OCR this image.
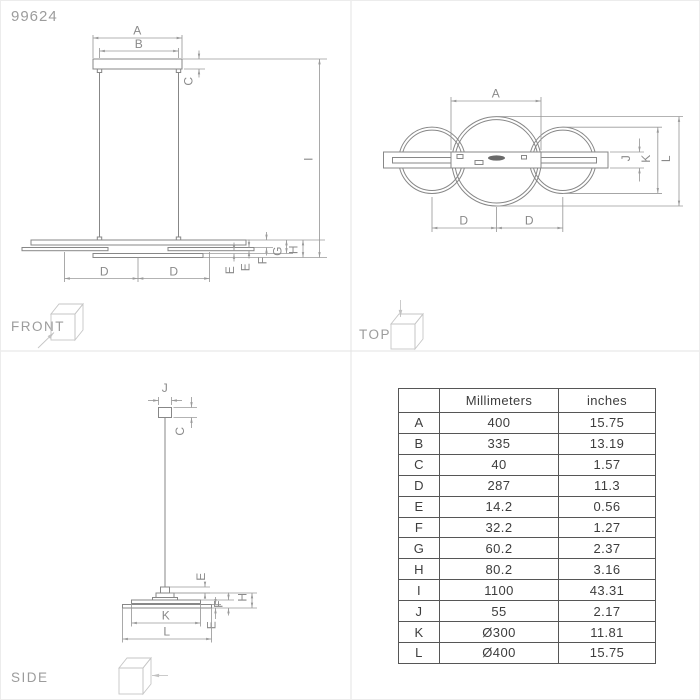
99624
A
B
C
I
E E
F
G H
D	D
FRONT
A
D	D
J K L
TOP
J
C
E
H
F
E
K
L
SIDE
	Millimeters	inches
A	400	15.75
B	335	13.19
C	40	1.57
D	287	11.3
E	14.2	0.56
F	32.2	1.27
G	60.2	2.37
H	80.2	3.16
I	1100	43.31
J	55	2.17
K	Ø300	11.81
L	Ø400	15.75
